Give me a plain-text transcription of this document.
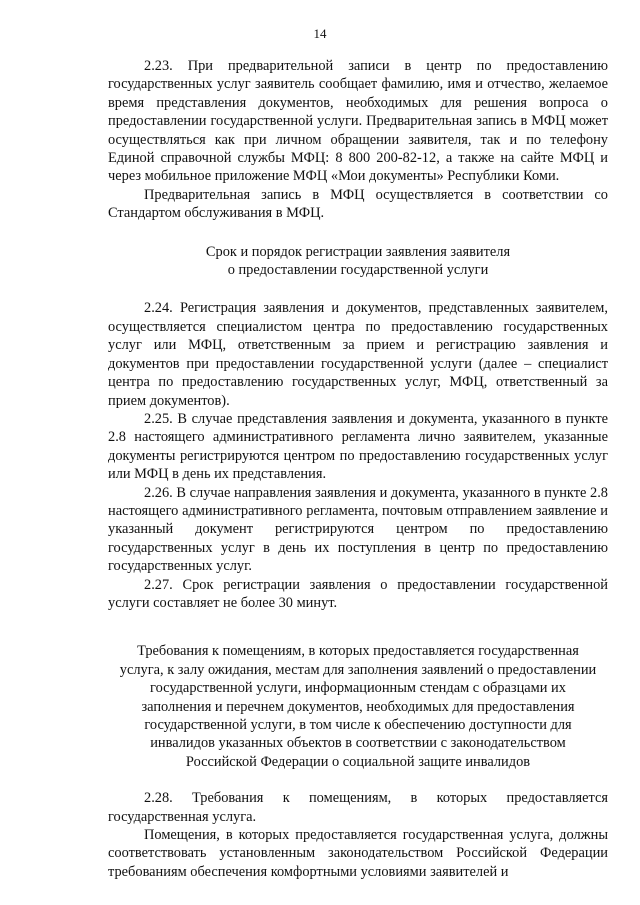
14

2.23. При предварительной записи в центр по предоставлению государственных услуг заявитель сообщает фамилию, имя и отчество, желаемое время представления документов, необходимых для решения вопроса о предоставлении государственной услуги. Предварительная запись в МФЦ может осуществляться как при личном обращении заявителя, так и по телефону Единой справочной службы МФЦ: 8 800 200-82-12, а также на сайте МФЦ и через мобильное приложение МФЦ «Мои документы» Республики Коми.

Предварительная запись в МФЦ осуществляется в соответствии со Стандартом обслуживания в МФЦ.

Срок и порядок регистрации заявления заявителя

о предоставлении государственной услуги

2.24. Регистрация заявления и документов, представленных заявителем, осуществляется специалистом центра по предоставлению государственных услуг или МФЦ, ответственным за прием и регистрацию заявления и документов при предоставлении государственной услуги (далее – специалист центра по предоставлению государственных услуг, МФЦ, ответственный за прием документов).

2.25. В случае представления заявления и документа, указанного в пункте 2.8 настоящего административного регламента лично заявителем, указанные документы регистрируются центром по предоставлению государственных услуг или МФЦ в день их представления.

2.26. В случае направления заявления и документа, указанного в пункте 2.8 настоящего административного регламента, почтовым отправлением заявление и указанный документ регистрируются центром по предоставлению государственных услуг в день их поступления в центр по предоставлению государственных услуг.

2.27. Срок регистрации заявления о предоставлении государственной услуги составляет не более 30 минут.

Требования к помещениям, в которых предоставляется государственная

услуга, к залу ожидания, местам для заполнения заявлений о предоставлении

государственной услуги, информационным стендам с образцами их

заполнения и перечнем документов, необходимых для предоставления

государственной услуги, в том числе к обеспечению доступности для

инвалидов указанных объектов в соответствии с законодательством

Российской Федерации о социальной защите инвалидов

2.28. Требования к помещениям, в которых предоставляется государственная услуга.

Помещения, в которых предоставляется государственная услуга, должны соответствовать установленным законодательством Российской Федерации требованиям обеспечения комфортными условиями заявителей и
